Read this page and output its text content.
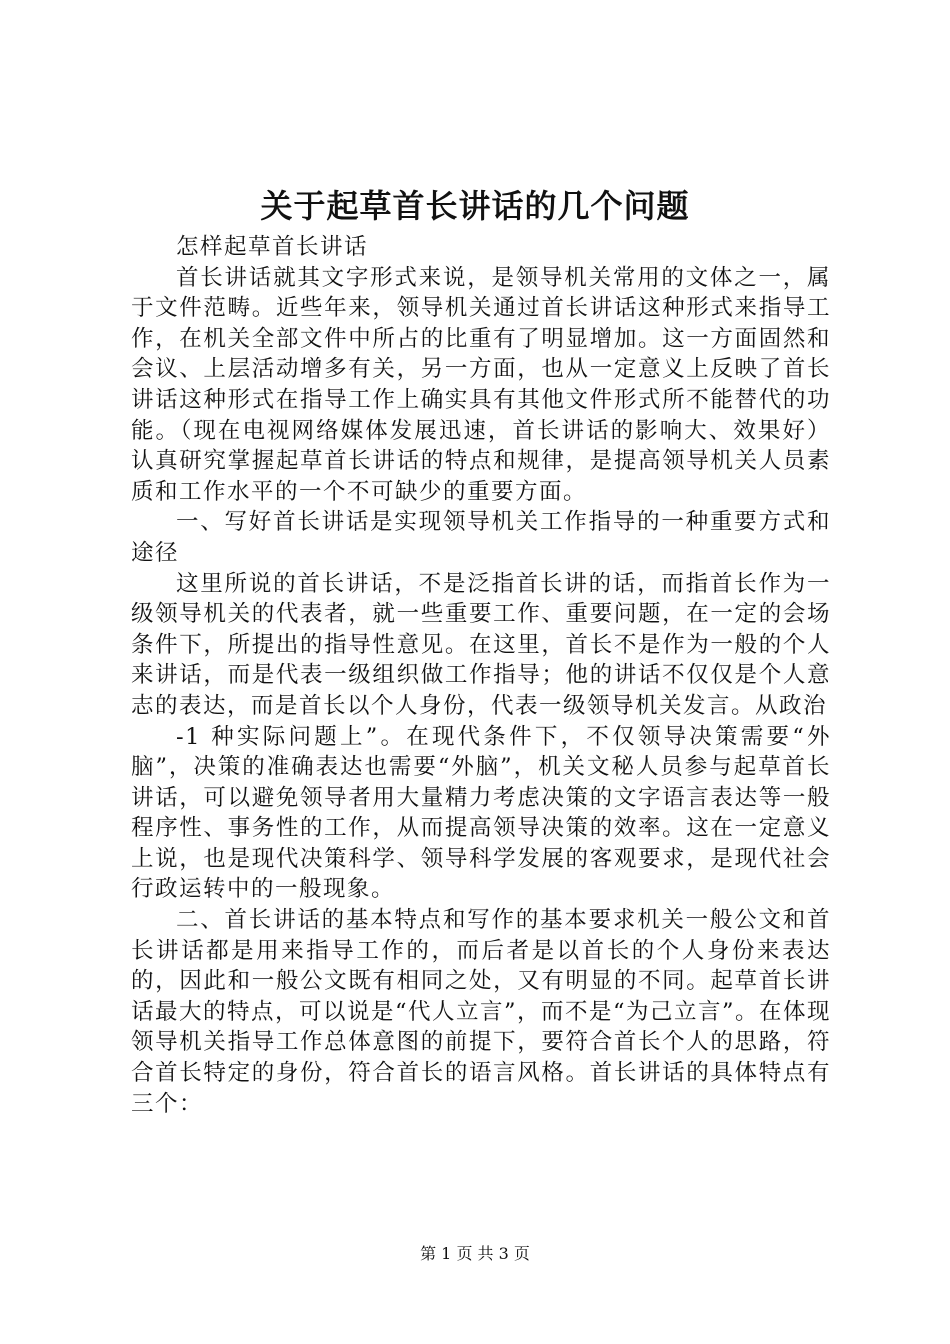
关于起草首长讲话的几个问题

怎样起草首长讲话

首长讲话就其文字形式来说，是领导机关常用的文体之一，属于文件范畴。近些年来，领导机关通过首长讲话这种形式来指导工作，在机关全部文件中所占的比重有了明显增加。这一方面固然和会议、上层活动增多有关，另一方面，也从一定意义上反映了首长讲话这种形式在指导工作上确实具有其他文件形式所不能替代的功能。（现在电视网络媒体发展迅速，首长讲话的影响大、效果好）认真研究掌握起草首长讲话的特点和规律，是提高领导机关人员素质和工作水平的一个不可缺少的重要方面。

一、写好首长讲话是实现领导机关工作指导的一种重要方式和途径

这里所说的首长讲话，不是泛指首长讲的话，而指首长作为一级领导机关的代表者，就一些重要工作、重要问题，在一定的会场条件下，所提出的指导性意见。在这里，首长不是作为一般的个人来讲话，而是代表一级组织做工作指导；他的讲话不仅仅是个人意志的表达，而是首长以个人身份，代表一级领导机关发言。从政治

-1 种实际问题上”。在现代条件下，不仅领导决策需要“外脑”，决策的准确表达也需要“外脑”，机关文秘人员参与起草首长讲话，可以避免领导者用大量精力考虑决策的文字语言表达等一般程序性、事务性的工作，从而提高领导决策的效率。这在一定意义上说，也是现代决策科学、领导科学发展的客观要求，是现代社会行政运转中的一般现象。

二、首长讲话的基本特点和写作的基本要求机关一般公文和首长讲话都是用来指导工作的，而后者是以首长的个人身份来表达的，因此和一般公文既有相同之处，又有明显的不同。起草首长讲话最大的特点，可以说是“代人立言”，而不是“为己立言”。在体现领导机关指导工作总体意图的前提下，要符合首长个人的思路，符合首长特定的身份，符合首长的语言风格。首长讲话的具体特点有三个：

第 1 页 共 3 页
